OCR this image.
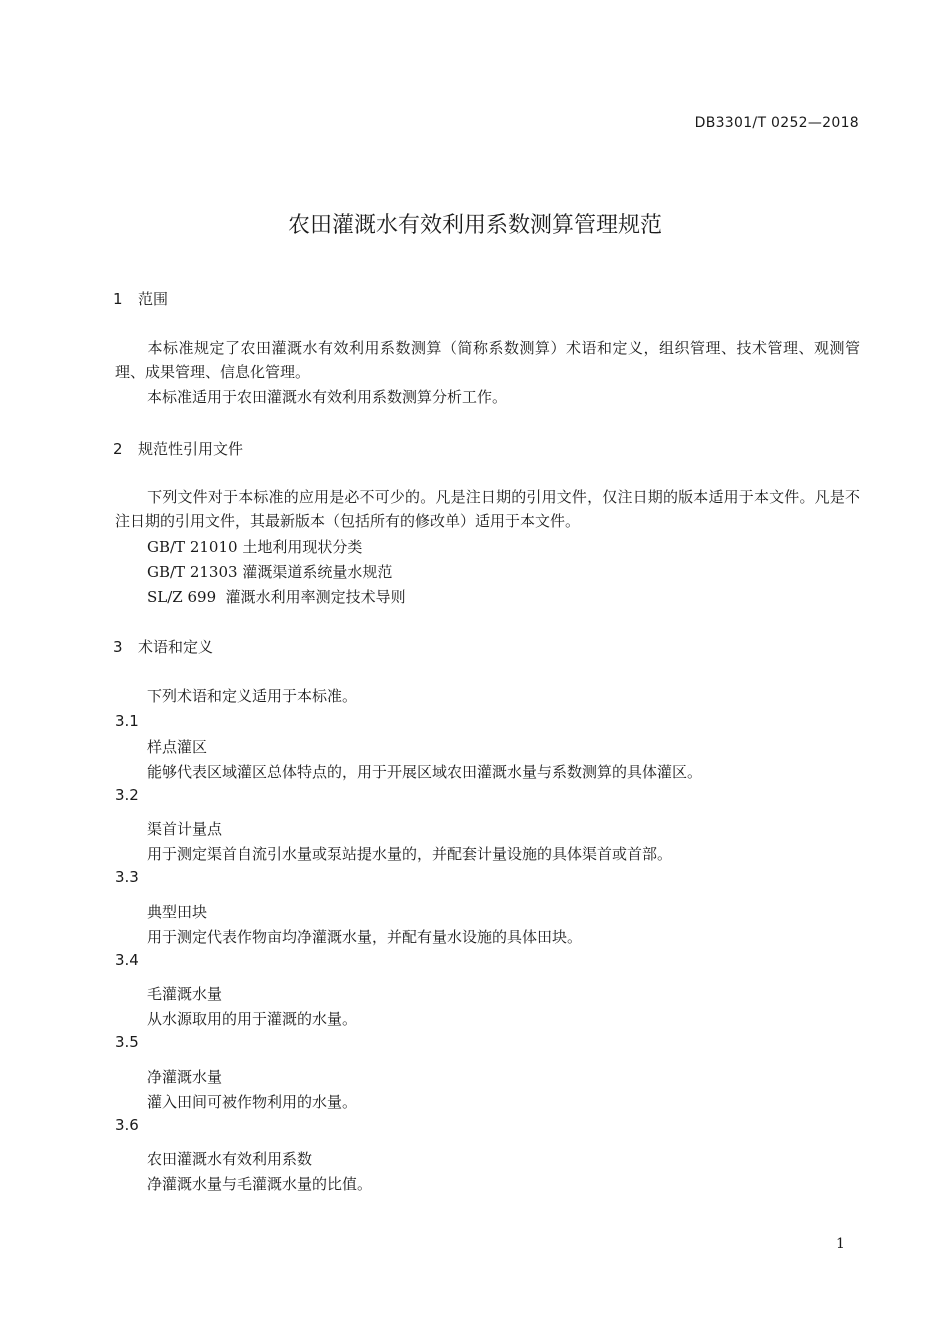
DB3301/T 0252—2018
农田灌溉水有效利用系数测算管理规范
1 范围
本标准规定了农田灌溉水有效利用系数测算（简称系数测算）术语和定义，组织管理、技术管理、观测管理、成果管理、信息化管理。
本标准适用于农田灌溉水有效利用系数测算分析工作。
2 规范性引用文件
下列文件对于本标准的应用是必不可少的。凡是注日期的引用文件，仅注日期的版本适用于本文件。凡是不注日期的引用文件，其最新版本（包括所有的修改单）适用于本文件。
GB/T 21010 土地利用现状分类
GB/T 21303 灌溉渠道系统量水规范
SL/Z 699  灌溉水利用率测定技术导则
3 术语和定义
下列术语和定义适用于本标准。
3.1
样点灌区
能够代表区域灌区总体特点的，用于开展区域农田灌溉水量与系数测算的具体灌区。
3.2
渠首计量点
用于测定渠首自流引水量或泵站提水量的，并配套计量设施的具体渠首或首部。
3.3
典型田块
用于测定代表作物亩均净灌溉水量，并配有量水设施的具体田块。
3.4
毛灌溉水量
从水源取用的用于灌溉的水量。
3.5
净灌溉水量
灌入田间可被作物利用的水量。
3.6
农田灌溉水有效利用系数
净灌溉水量与毛灌溉水量的比值。
1
